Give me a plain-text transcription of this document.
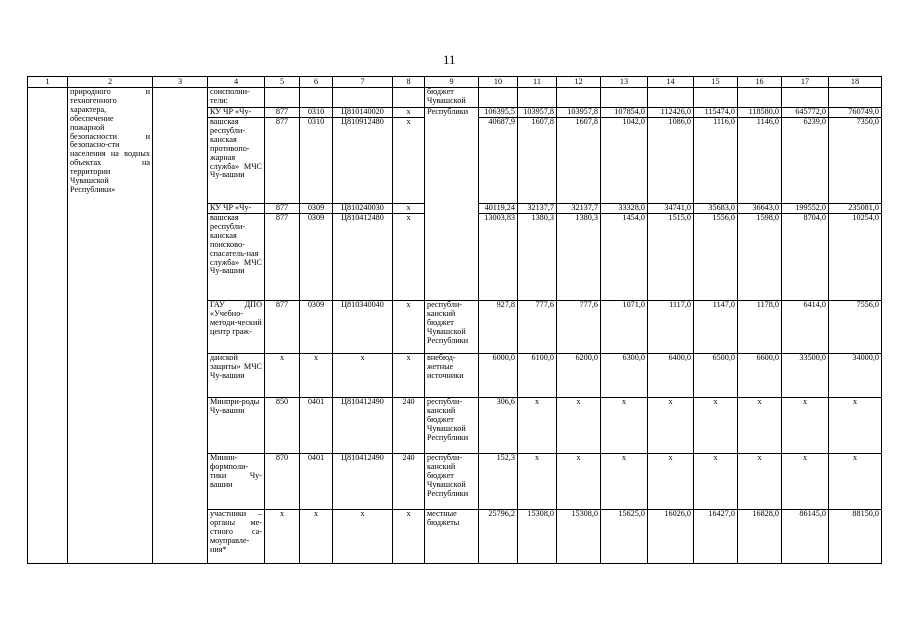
11
1	2	3	4	5	6	7	8	9	10	11	12	13	14	15	16	17	18
	природного и техногенного характера, обеспечение пожарной безопасности и безопасно-сти населения на водных объектах на территории Чувашской Республики»		соисполни-тели:					бюджет Чувашской									
			КУ ЧР «Чу-	877	0310	Ц810140020	х	Республики	106395,5	103957,8	103957,8	107854,0	112426,0	115474,0	118580,0	645772,0	760749,0
			вашская республи-канская противопо-жарная служба» МЧС Чу-вашии	877	0310	Ц810912480	х		40687,9	1607,8	1607,8	1042,0	1086,0	1116,0	1146,0	6239,0	7350,0
			КУ ЧР «Чу-	877	0309	Ц810240030	х		40119,24	32137,7	32137,7	33328,0	34741,0	35683,0	36643,0	199552,0	235081,0
			вашская республи-канская поисково-спасатель-ная служба» МЧС Чу-вашии	877	0309	Ц810412480	х		13003,83	1380,3	1380,3	1454,0	1515,0	1556,0	1598,0	8704,0	10254,0
			ГАУ ДПО «Учебно-методи-ческий центр граж-	877	0309	Ц810340040	х	республи-канский бюджет Чувашской Республики	927,8	777,6	777,6	1071,0	1117,0	1147,0	1178,0	6414,0	7556,0
			данской защиты» МЧС Чу-вашии	х	х	х	х	внебюд-жетные источники	6000,0	6100,0	6200,0	6300,0	6400,0	6500,0	6600,0	33500,0	34000,0
			Минпри-роды Чу-вашии	850	0401	Ц810412490	240	республи-канский бюджет Чувашской Республики	306,6	х	х	х	х	х	х	х	х
			Минин-формпoли-тики Чу-вашии	870	0401	Ц810412490	240	республи-канский бюджет Чувашской Республики	152,3	х	х	х	х	х	х	х	х
			участники – органы ме-стного са-моуправле-ния*	х	х	х	х	местные бюджеты	25796,2	15308,0	15308,0	15625,0	16026,0	16427,0	16828,0	86145,0	88150,0
